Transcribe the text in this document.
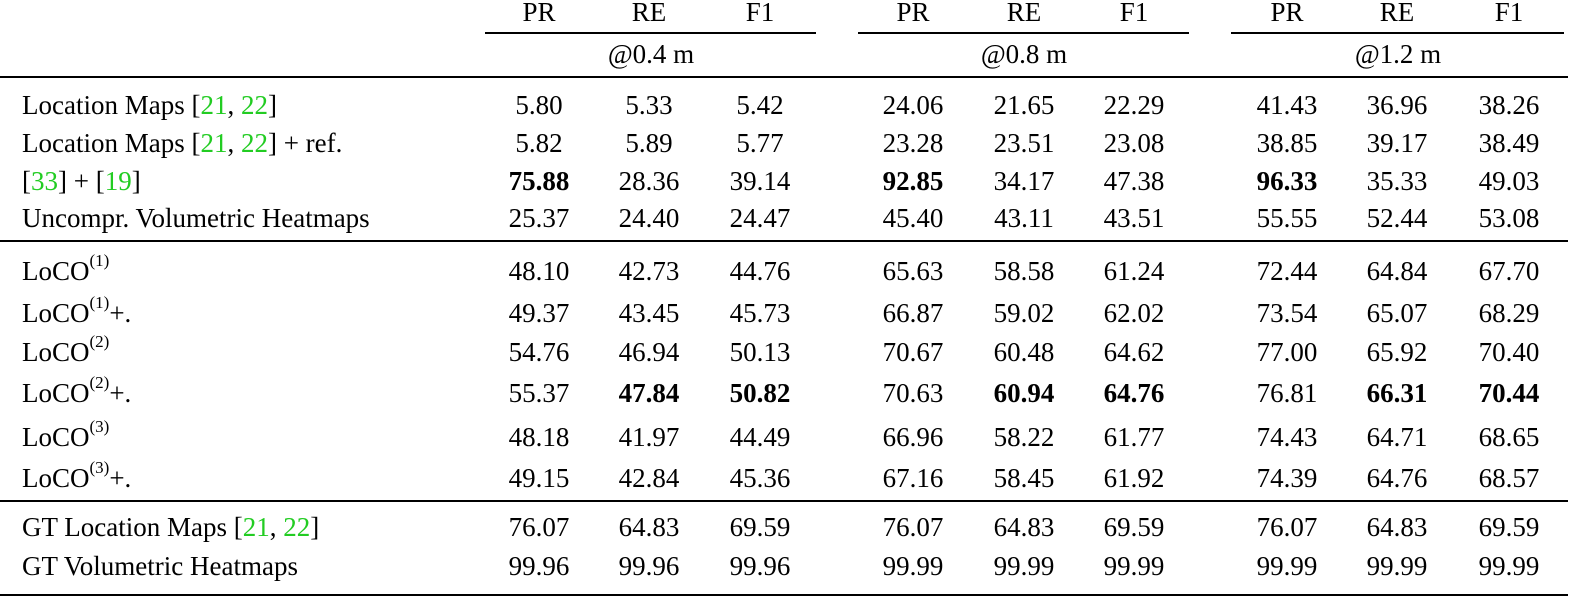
@0.4 m	@0.8 m	@1.2 m
PR	RE	F1	PR	RE	F1	PR	RE	F1
Location Maps [21, 22]	5.80	5.33	5.42	24.06	21.65	22.29	41.43	36.96	38.26
Location Maps [21, 22] + ref.	5.82	5.89	5.77	23.28	23.51	23.08	38.85	39.17	38.49
[33] + [19]	75.88	28.36	39.14	92.85	34.17	47.38	96.33	35.33	49.03
Uncompr. Volumetric Heatmaps	25.37	24.40	24.47	45.40	43.11	43.51	55.55	52.44	53.08
LoCO$^{(1)}$	48.10	42.73	44.76	65.63	58.58	61.24	72.44	64.84	67.70
LoCO$^{(1)}$+.	49.37	43.45	45.73	66.87	59.02	62.02	73.54	65.07	68.29
LoCO$^{(2)}$	54.76	46.94	50.13	70.67	60.48	64.62	77.00	65.92	70.40
LoCO$^{(2)}$+.	55.37	47.84	50.82	70.63	60.94	64.76	76.81	66.31	70.44
LoCO$^{(3)}$	48.18	41.97	44.49	66.96	58.22	61.77	74.43	64.71	68.65
LoCO$^{(3)}$+.	49.15	42.84	45.36	67.16	58.45	61.92	74.39	64.76	68.57
GT Location Maps [21, 22]	76.07	64.83	69.59	76.07	64.83	69.59	76.07	64.83	69.59
GT Volumetric Heatmaps	99.96	99.96	99.96	99.99	99.99	99.99	99.99	99.99	99.99
